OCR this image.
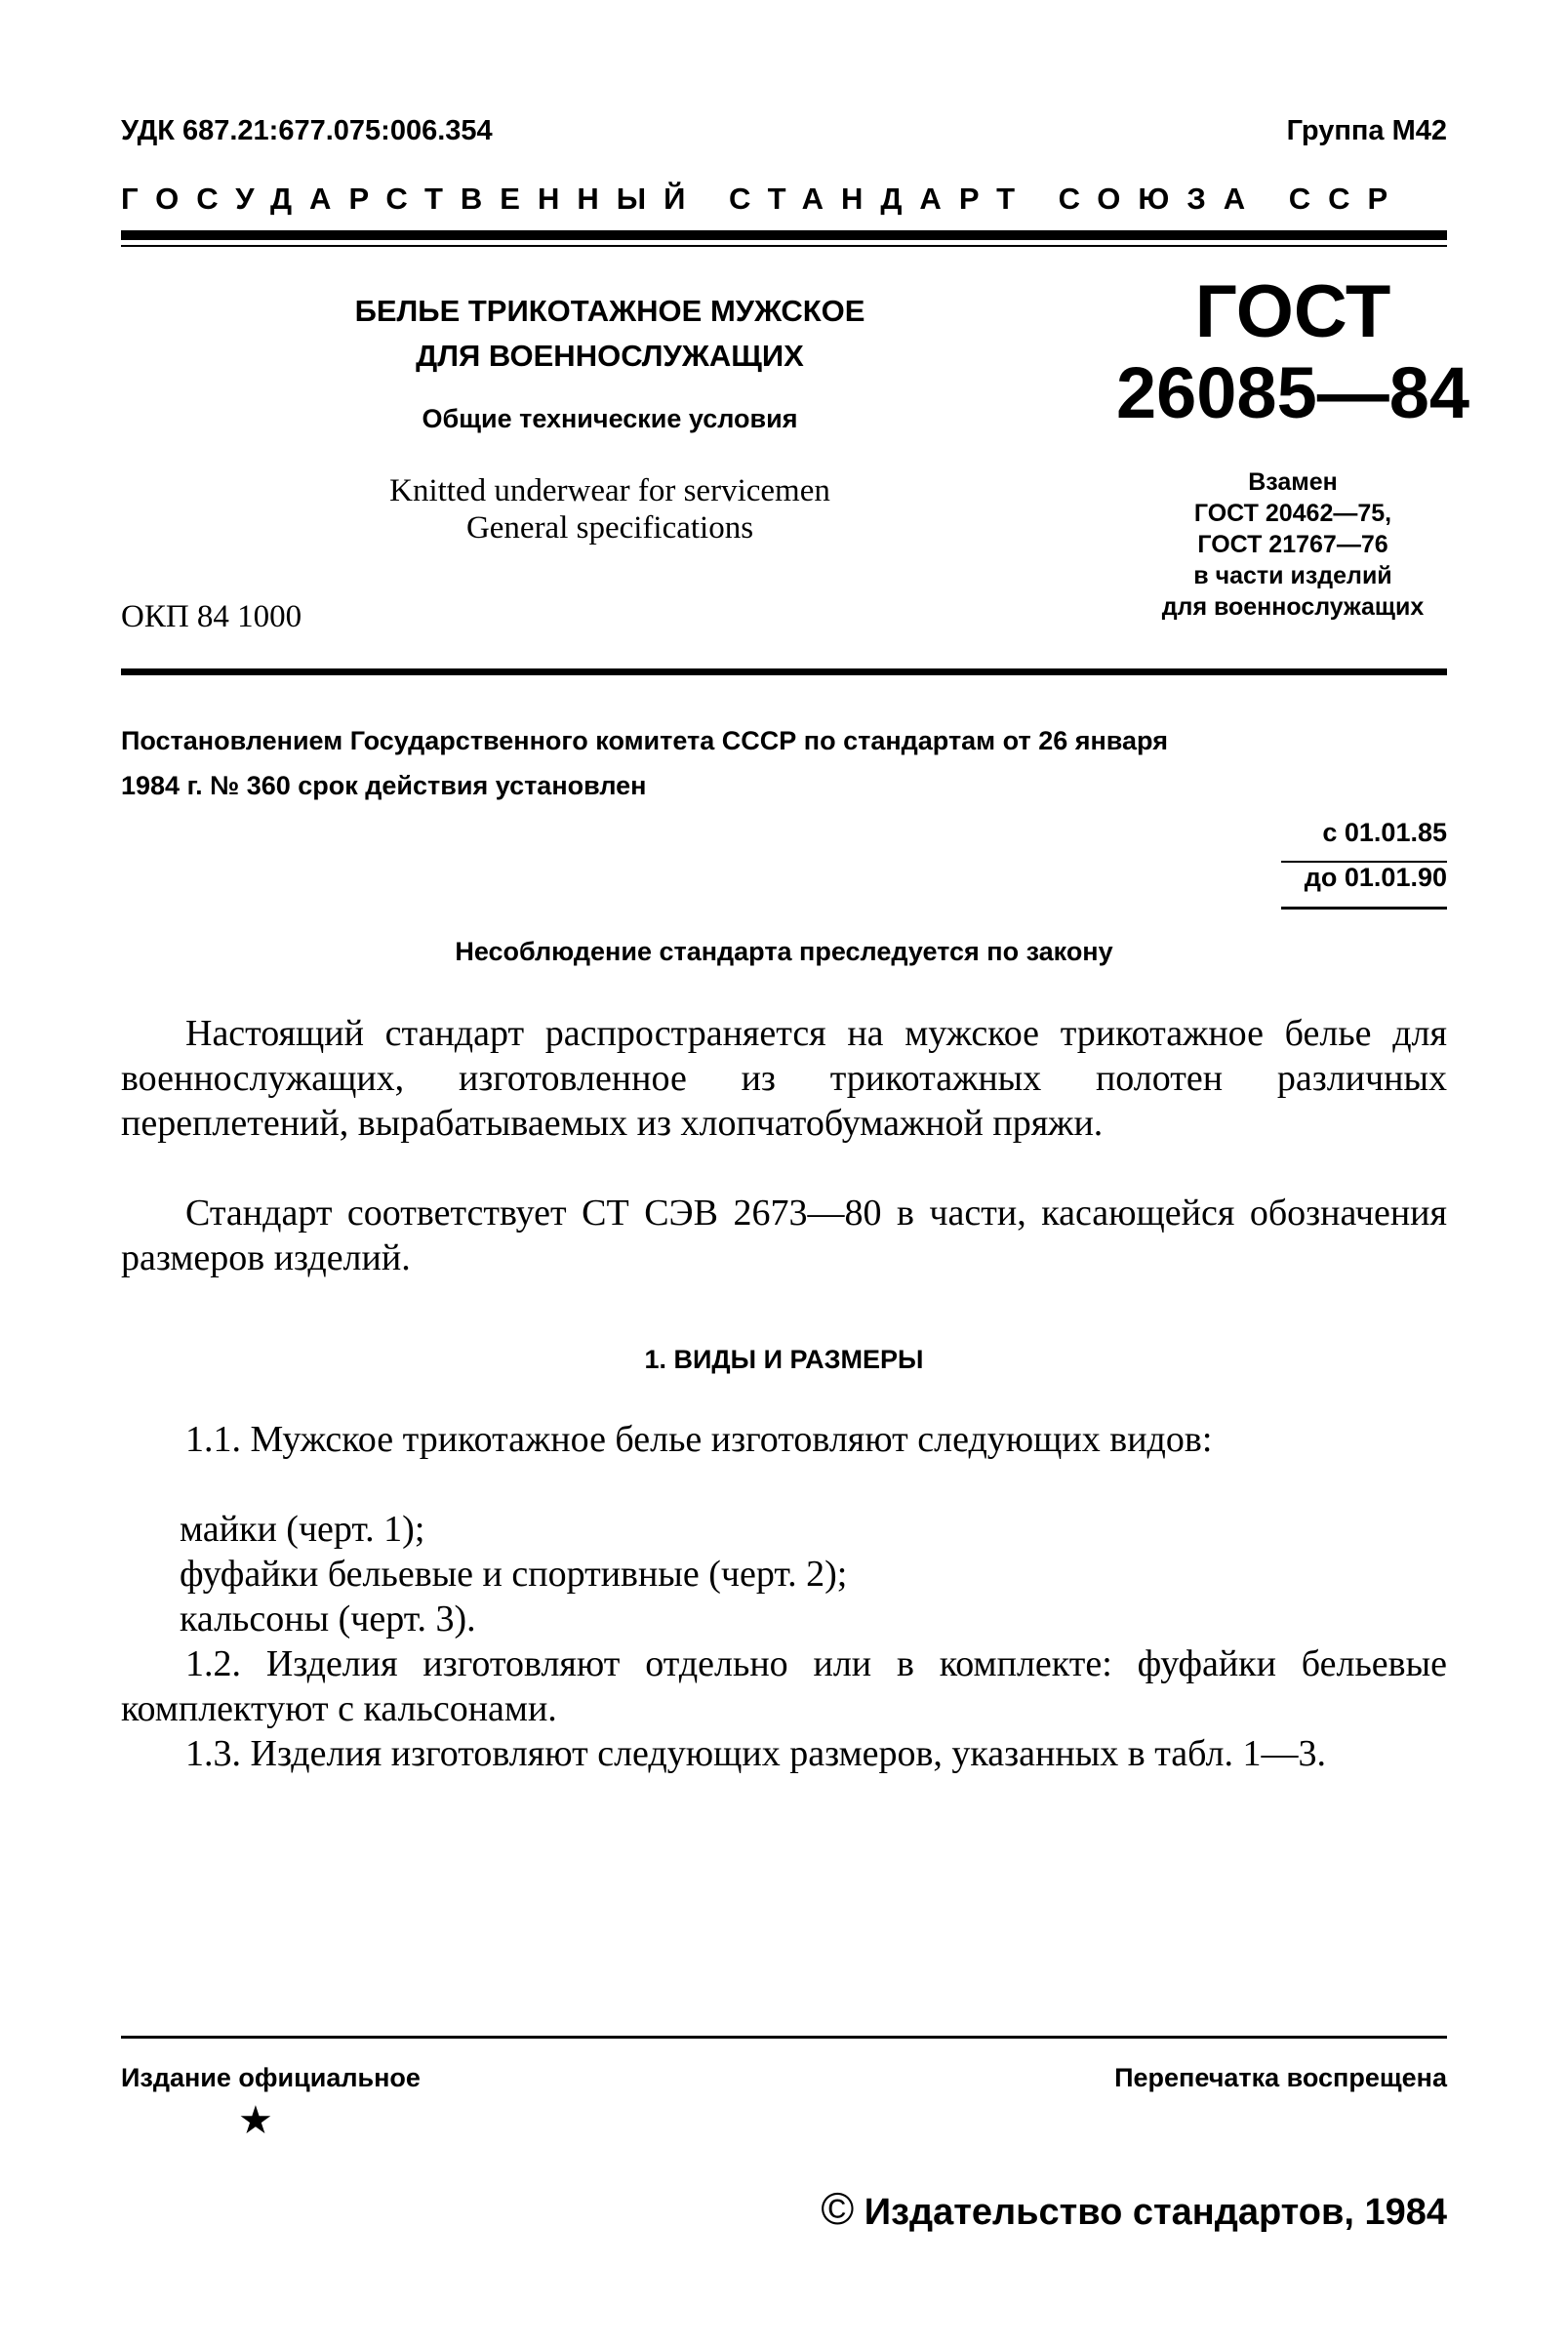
УДК 687.21:677.075:006.354	Группа М42
ГОСУДАРСТВЕННЫЙ СТАНДАРТ СОЮЗА ССР
БЕЛЬЕ ТРИКОТАЖНОЕ МУЖСКОЕ
ДЛЯ ВОЕННОСЛУЖАЩИХ
Общие технические условия
Knitted underwear for servicemen
General specifications
ОКП 84 1000
ГОСТ
26085—84
Взамен
ГОСТ 20462—75,
ГОСТ 21767—76
в части изделий
для военнослужащих
Постановлением Государственного комитета СССР по стандартам от 26 января
1984 г. № 360 срок действия установлен
с 01.01.85
до 01.01.90
Несоблюдение стандарта преследуется по закону
Настоящий стандарт распространяется на мужское трикотажное белье для военнослужащих, изготовленное из трикотажных полотен различных переплетений, вырабатываемых из хлопчатобумажной пряжи.
Стандарт соответствует СТ СЭВ 2673—80 в части, касающейся обозначения размеров изделий.
1. ВИДЫ И РАЗМЕРЫ
1.1. Мужское трикотажное белье изготовляют следующих видов:
майки (черт. 1);
фуфайки бельевые и спортивные (черт. 2);
кальсоны (черт. 3).
1.2. Изделия изготовляют отдельно или в комплекте: фуфайки бельевые комплектуют с кальсонами.
1.3. Изделия изготовляют следующих размеров, указанных в табл. 1—3.
Издание официальное	Перепечатка воспрещена
★
© Издательство стандартов, 1984
